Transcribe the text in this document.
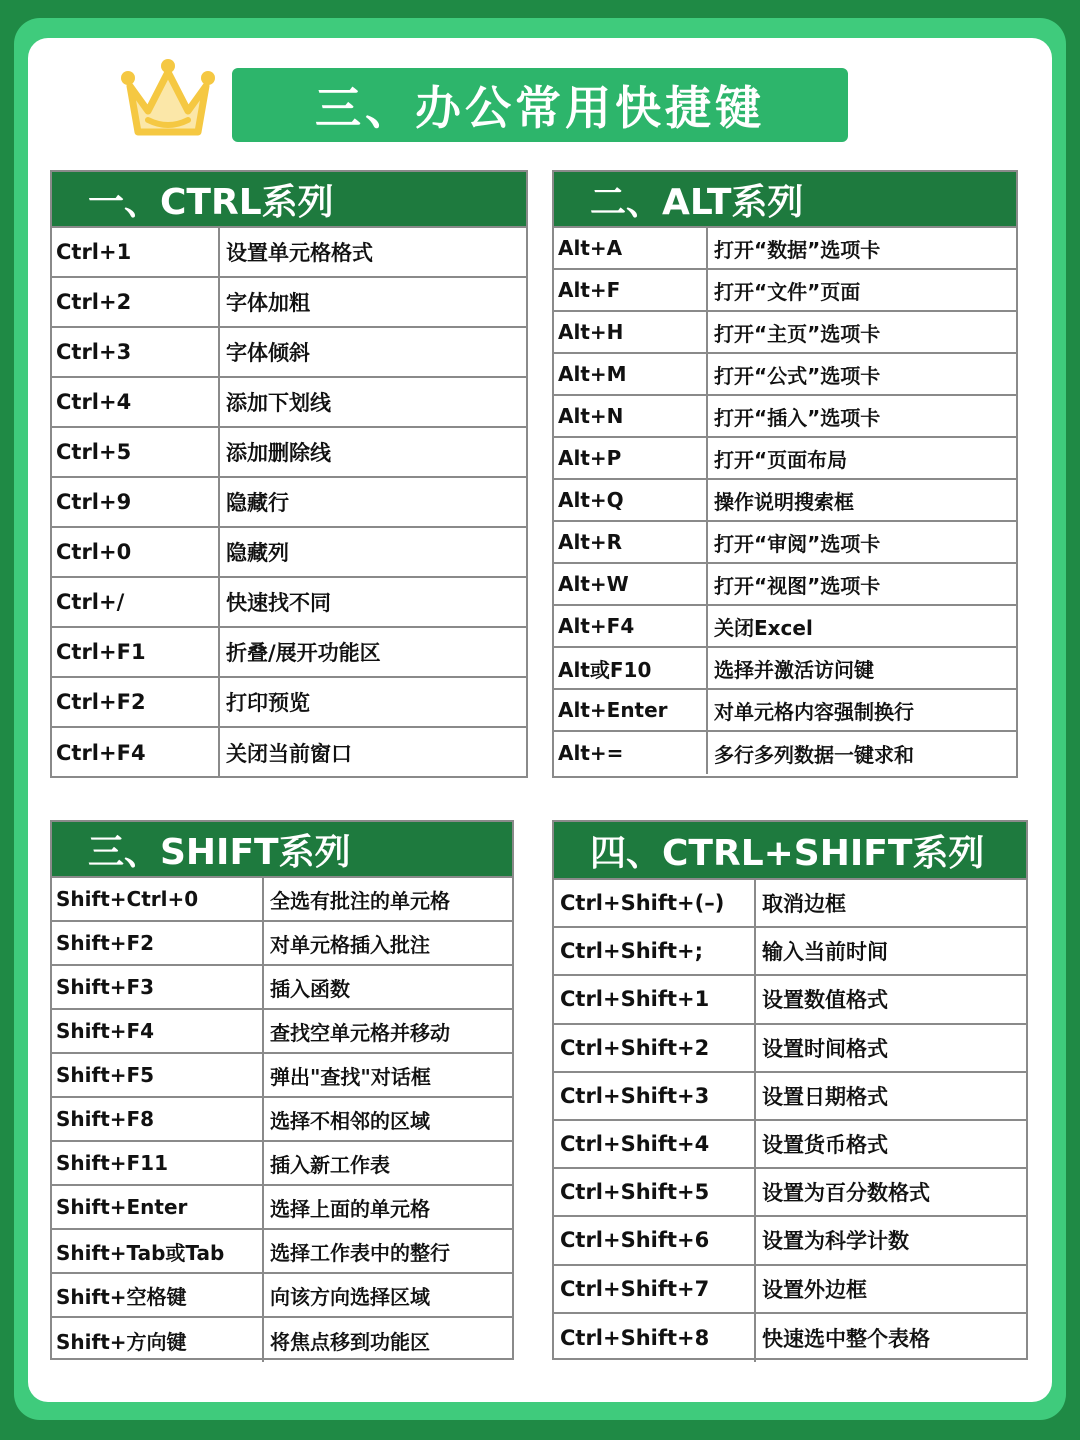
三、办公常用快捷键
一、CTRL系列
Ctrl+1	设置单元格格式
Ctrl+2	字体加粗
Ctrl+3	字体倾斜
Ctrl+4	添加下划线
Ctrl+5	添加删除线
Ctrl+9	隐藏行
Ctrl+0	隐藏列
Ctrl+/	快速找不同
Ctrl+F1	折叠/展开功能区
Ctrl+F2	打印预览
Ctrl+F4	关闭当前窗口
二、ALT系列
Alt+A	打开“数据”选项卡
Alt+F	打开“文件”页面
Alt+H	打开“主页”选项卡
Alt+M	打开“公式”选项卡
Alt+N	打开“插入”选项卡
Alt+P	打开“页面布局
Alt+Q	操作说明搜索框
Alt+R	打开“审阅”选项卡
Alt+W	打开“视图”选项卡
Alt+F4	关闭Excel
Alt或F10	选择并激活访问键
Alt+Enter	对单元格内容强制换行
Alt+=	多行多列数据一键求和
三、SHIFT系列
Shift+Ctrl+0	全选有批注的单元格
Shift+F2	对单元格插入批注
Shift+F3	插入函数
Shift+F4	查找空单元格并移动
Shift+F5	弹出"查找"对话框
Shift+F8	选择不相邻的区域
Shift+F11	插入新工作表
Shift+Enter	选择上面的单元格
Shift+Tab或Tab	选择工作表中的整行
Shift+空格键	向该方向选择区域
Shift+方向键	将焦点移到功能区
四、CTRL+SHIFT系列
Ctrl+Shift+(–)	取消边框
Ctrl+Shift+;	输入当前时间
Ctrl+Shift+1	设置数值格式
Ctrl+Shift+2	设置时间格式
Ctrl+Shift+3	设置日期格式
Ctrl+Shift+4	设置货币格式
Ctrl+Shift+5	设置为百分数格式
Ctrl+Shift+6	设置为科学计数
Ctrl+Shift+7	设置外边框
Ctrl+Shift+8	快速选中整个表格
